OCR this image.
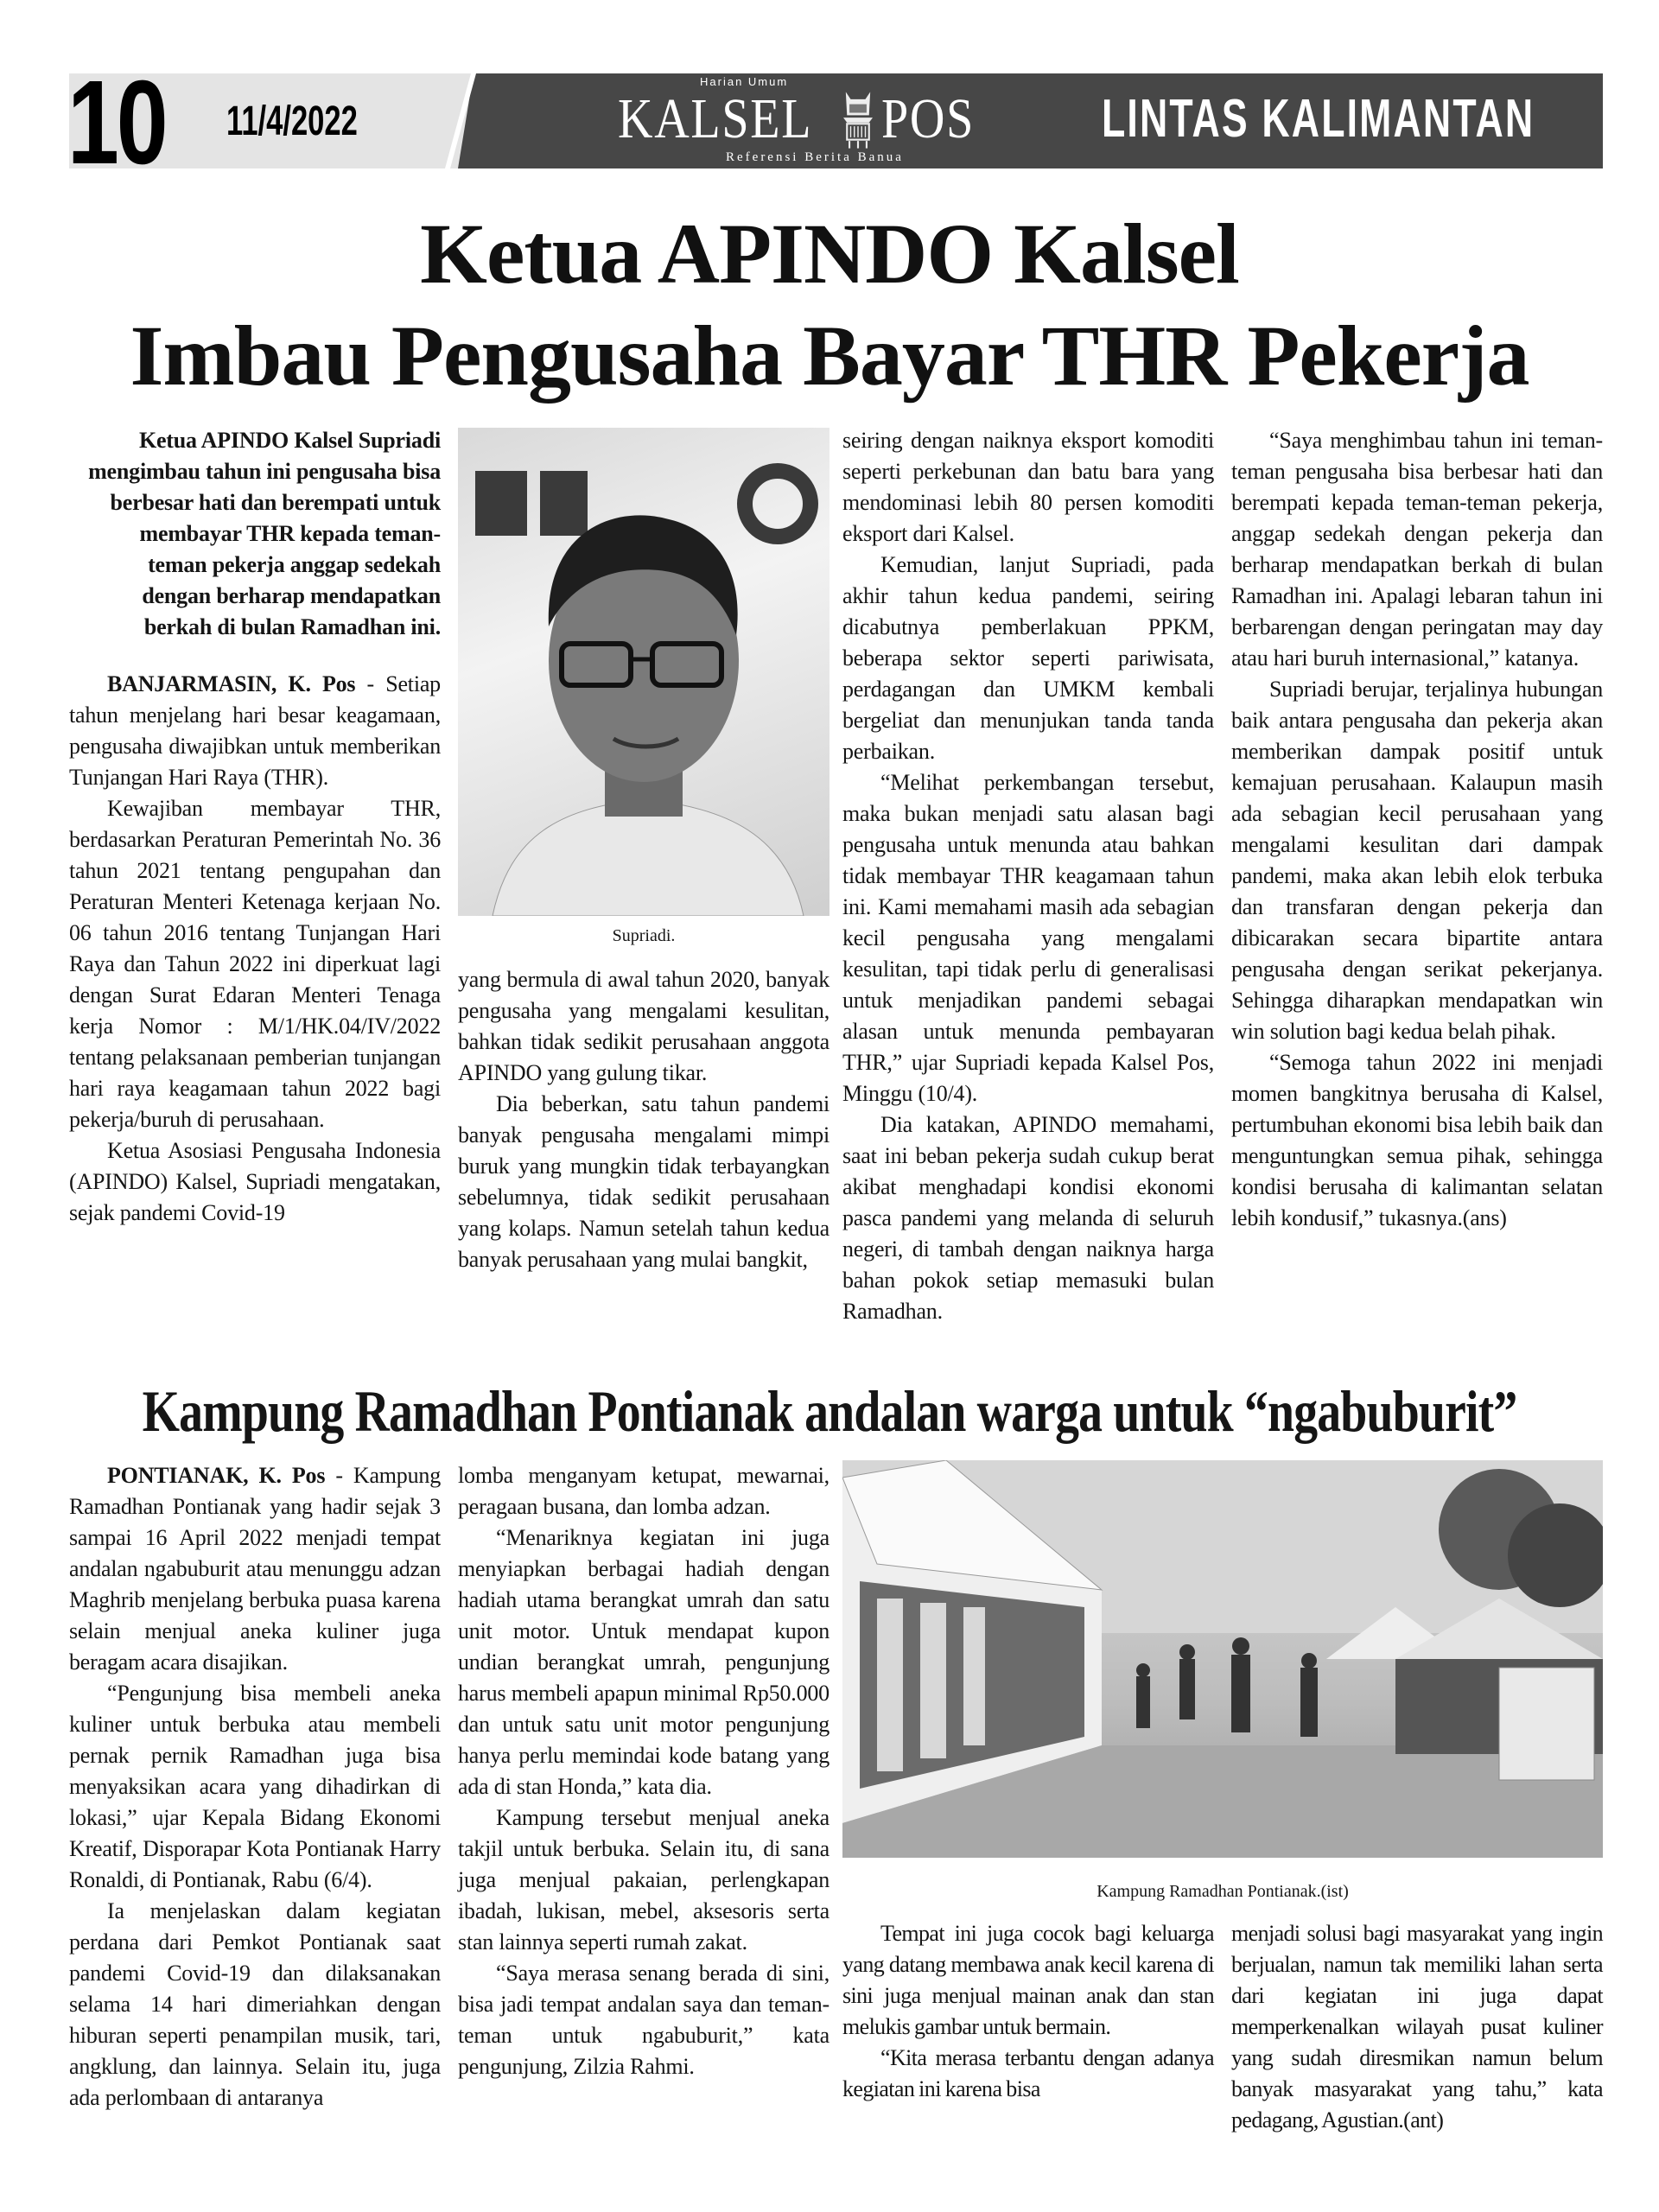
10 11/4/2022
Harian Umum
KALSEL POS
Referensi Berita Banua
LINTAS KALIMANTAN
Ketua APINDO Kalsel
Imbau Pengusaha Bayar THR Pekerja
Ketua APINDO Kalsel Supriadi mengimbau tahun ini pengusaha bisa berbesar hati dan berempati untuk membayar THR kepada teman-teman pekerja anggap sedekah dengan berharap mendapatkan berkah di bulan Ramadhan ini.

BANJARMASIN, K. Pos - Setiap tahun menjelang hari besar keagamaan, pengusaha diwajibkan untuk memberikan Tunjangan Hari Raya (THR).

Kewajiban membayar THR, berdasarkan Peraturan Pemerintah No. 36 tahun 2021 tentang pengupahan dan Peraturan Menteri Ketenaga kerjaan No. 06 tahun 2016 tentang Tunjangan Hari Raya dan Tahun 2022 ini diperkuat lagi dengan Surat Edaran Menteri Tenaga kerja Nomor : M/1/HK.04/IV/2022 tentang pelaksanaan pemberian tunjangan hari raya keagamaan tahun 2022 bagi pekerja/buruh di perusahaan.

Ketua Asosiasi Pengusaha Indonesia (APINDO) Kalsel, Supriadi mengatakan, sejak pandemi Covid-19

Supriadi.

yang bermula di awal tahun 2020, banyak pengusaha yang mengalami kesulitan, bahkan tidak sedikit perusahaan anggota APINDO yang gulung tikar.

Dia beberkan, satu tahun pandemi banyak pengusaha mengalami mimpi buruk yang mungkin tidak terbayangkan sebelumnya, tidak sedikit perusahaan yang kolaps. Namun setelah tahun kedua banyak perusahaan yang mulai bangkit,

seiring dengan naiknya eksport komoditi seperti perkebunan dan batu bara yang mendominasi lebih 80 persen komoditi eksport dari Kalsel.

Kemudian, lanjut Supriadi, pada akhir tahun kedua pandemi, seiring dicabutnya pemberlakuan PPKM, beberapa sektor seperti pariwisata, perdagangan dan UMKM kembali bergeliat dan menunjukan tanda tanda perbaikan.

“Melihat perkembangan tersebut, maka bukan menjadi satu alasan bagi pengusaha untuk menunda atau bahkan tidak membayar THR keagamaan tahun ini. Kami memahami masih ada sebagian kecil pengusaha yang mengalami kesulitan, tapi tidak perlu di generalisasi untuk menjadikan pandemi sebagai alasan untuk menunda pembayaran THR,” ujar Supriadi kepada Kalsel Pos, Minggu (10/4).

Dia katakan, APINDO memahami, saat ini beban pekerja sudah cukup berat akibat menghadapi kondisi ekonomi pasca pandemi yang melanda di seluruh negeri, di tambah dengan naiknya harga bahan pokok setiap memasuki bulan Ramadhan.

“Saya menghimbau tahun ini teman-teman pengusaha bisa berbesar hati dan berempati kepada teman-teman pekerja, anggap sedekah dengan pekerja dan berharap mendapatkan berkah di bulan Ramadhan ini. Apalagi lebaran tahun ini berbarengan dengan peringatan may day atau hari buruh internasional,” katanya.

Supriadi berujar, terjalinya hubungan baik antara pengusaha dan pekerja akan memberikan dampak positif untuk kemajuan perusahaan. Kalaupun masih ada sebagian kecil perusahaan yang mengalami kesulitan dari dampak pandemi, maka akan lebih elok terbuka dan transfaran dengan pekerja dan dibicarakan secara bipartite antara pengusaha dengan serikat pekerjanya. Sehingga diharapkan mendapatkan win win solution bagi kedua belah pihak.

“Semoga tahun 2022 ini menjadi momen bangkitnya berusaha di Kalsel, pertumbuhan ekonomi bisa lebih baik dan menguntungkan semua pihak, sehingga kondisi berusaha di kalimantan selatan lebih kondusif,” tukasnya.(ans)

Kampung Ramadhan Pontianak andalan warga untuk “ngabuburit”

PONTIANAK, K. Pos - Kampung Ramadhan Pontianak yang hadir sejak 3 sampai 16 April 2022 menjadi tempat andalan ngabuburit atau menunggu adzan Maghrib menjelang berbuka puasa karena selain menjual aneka kuliner juga beragam acara disajikan.

“Pengunjung bisa membeli aneka kuliner untuk berbuka atau membeli pernak pernik Ramadhan juga bisa menyaksikan acara yang dihadirkan di lokasi,” ujar Kepala Bidang Ekonomi Kreatif, Disporapar Kota Pontianak Harry Ronaldi, di Pontianak, Rabu (6/4).

Ia menjelaskan dalam kegiatan perdana dari Pemkot Pontianak saat pandemi Covid-19 dan dilaksanakan selama 14 hari dimeriahkan dengan hiburan seperti penampilan musik, tari, angklung, dan lainnya. Selain itu, juga ada perlombaan di antaranya

lomba menganyam ketupat, mewarnai, peragaan busana, dan lomba adzan.

“Menariknya kegiatan ini juga menyiapkan berbagai hadiah dengan hadiah utama berangkat umrah dan satu unit motor. Untuk mendapat kupon undian berangkat umrah, pengunjung harus membeli apapun minimal Rp50.000 dan untuk satu unit motor pengunjung hanya perlu memindai kode batang yang ada di stan Honda,” kata dia.

Kampung tersebut menjual aneka takjil untuk berbuka. Selain itu, di sana juga menjual pakaian, perlengkapan ibadah, lukisan, mebel, aksesoris serta stan lainnya seperti rumah zakat.

“Saya merasa senang berada di sini, bisa jadi tempat andalan saya dan teman-teman untuk ngabuburit,” kata pengunjung, Zilzia Rahmi.

Kampung Ramadhan Pontianak.(ist)

Tempat ini juga cocok bagi keluarga yang datang membawa anak kecil karena di sini juga menjual mainan anak dan stan melukis gambar untuk bermain.

“Kita merasa terbantu dengan adanya kegiatan ini karena bisa

menjadi solusi bagi masyarakat yang ingin berjualan, namun tak memiliki lahan serta dari kegiatan ini juga dapat memperkenalkan wilayah pusat kuliner yang sudah diresmikan namun belum banyak masyarakat yang tahu,” kata pedagang, Agustian.(ant)
